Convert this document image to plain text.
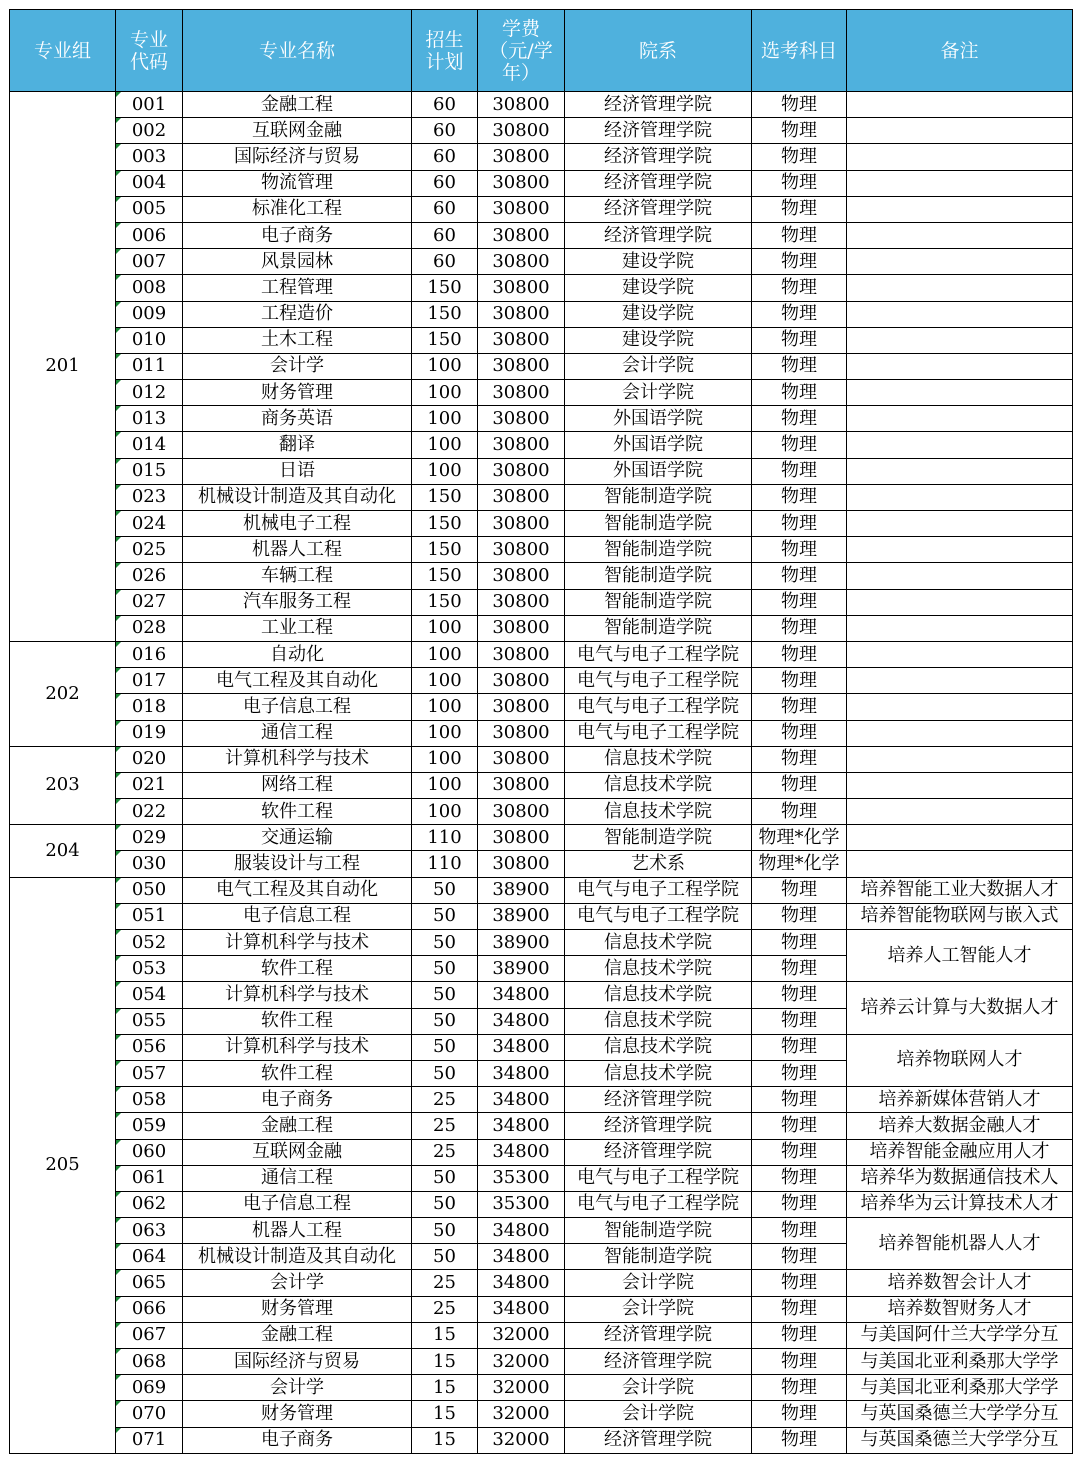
专业组	专业代码	专业名称	招生计划	学费（元/学年）	院系	选考科目	备注
201	001	金融工程	60	30800	经济管理学院	物理	
	002	互联网金融	60	30800	经济管理学院	物理	
	003	国际经济与贸易	60	30800	经济管理学院	物理	
	004	物流管理	60	30800	经济管理学院	物理	
	005	标准化工程	60	30800	经济管理学院	物理	
	006	电子商务	60	30800	经济管理学院	物理	
	007	风景园林	60	30800	建设学院	物理	
	008	工程管理	150	30800	建设学院	物理	
	009	工程造价	150	30800	建设学院	物理	
	010	土木工程	150	30800	建设学院	物理	
	011	会计学	100	30800	会计学院	物理	
	012	财务管理	100	30800	会计学院	物理	
	013	商务英语	100	30800	外国语学院	物理	
	014	翻译	100	30800	外国语学院	物理	
	015	日语	100	30800	外国语学院	物理	
	023	机械设计制造及其自动化	150	30800	智能制造学院	物理	
	024	机械电子工程	150	30800	智能制造学院	物理	
	025	机器人工程	150	30800	智能制造学院	物理	
	026	车辆工程	150	30800	智能制造学院	物理	
	027	汽车服务工程	150	30800	智能制造学院	物理	
	028	工业工程	100	30800	智能制造学院	物理	
202	016	自动化	100	30800	电气与电子工程学院	物理	
	017	电气工程及其自动化	100	30800	电气与电子工程学院	物理	
	018	电子信息工程	100	30800	电气与电子工程学院	物理	
	019	通信工程	100	30800	电气与电子工程学院	物理	
203	020	计算机科学与技术	100	30800	信息技术学院	物理	
	021	网络工程	100	30800	信息技术学院	物理	
	022	软件工程	100	30800	信息技术学院	物理	
204	029	交通运输	110	30800	智能制造学院	物理*化学	
	030	服装设计与工程	110	30800	艺术系	物理*化学	
205	050	电气工程及其自动化	50	38900	电气与电子工程学院	物理	培养智能工业大数据人才
	051	电子信息工程	50	38900	电气与电子工程学院	物理	培养智能物联网与嵌入式
	052	计算机科学与技术	50	38900	信息技术学院	物理	培养人工智能人才
	053	软件工程	50	38900	信息技术学院	物理	
	054	计算机科学与技术	50	34800	信息技术学院	物理	培养云计算与大数据人才
	055	软件工程	50	34800	信息技术学院	物理	
	056	计算机科学与技术	50	34800	信息技术学院	物理	培养物联网人才
	057	软件工程	50	34800	信息技术学院	物理	
	058	电子商务	25	34800	经济管理学院	物理	培养新媒体营销人才
	059	金融工程	25	34800	经济管理学院	物理	培养大数据金融人才
	060	互联网金融	25	34800	经济管理学院	物理	培养智能金融应用人才
	061	通信工程	50	35300	电气与电子工程学院	物理	培养华为数据通信技术人
	062	电子信息工程	50	35300	电气与电子工程学院	物理	培养华为云计算技术人才
	063	机器人工程	50	34800	智能制造学院	物理	培养智能机器人人才
	064	机械设计制造及其自动化	50	34800	智能制造学院	物理	
	065	会计学	25	34800	会计学院	物理	培养数智会计人才
	066	财务管理	25	34800	会计学院	物理	培养数智财务人才
	067	金融工程	15	32000	经济管理学院	物理	与美国阿什兰大学学分互
	068	国际经济与贸易	15	32000	经济管理学院	物理	与美国北亚利桑那大学学
	069	会计学	15	32000	会计学院	物理	与美国北亚利桑那大学学
	070	财务管理	15	32000	会计学院	物理	与英国桑德兰大学学分互
	071	电子商务	15	32000	经济管理学院	物理	与英国桑德兰大学学分互
